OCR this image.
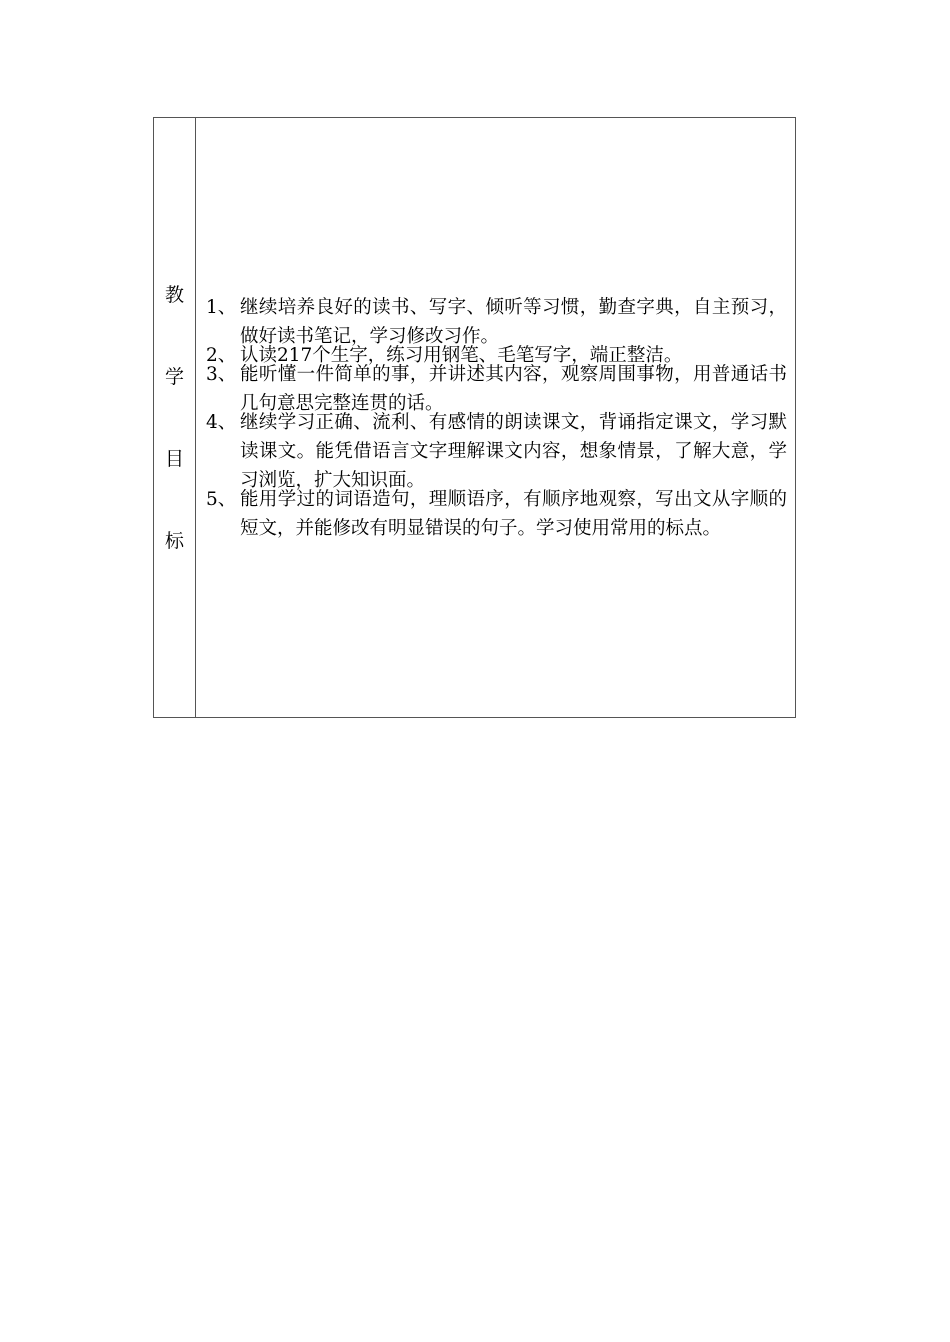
教
学
目
标
1、 继续培养良好的读书、写字、倾听等习惯，勤查字典，自主预习，做好读书笔记，学习修改习作。
2、 认读217个生字，练习用钢笔、毛笔写字，端正整洁。
3、 能听懂一件简单的事，并讲述其内容，观察周围事物，用普通话书几句意思完整连贯的话。
4、 继续学习正确、流利、有感情的朗读课文，背诵指定课文，学习默读课文。能凭借语言文字理解课文内容，想象情景，了解大意，学习浏览，扩大知识面。
5、 能用学过的词语造句，理顺语序，有顺序地观察，写出文从字顺的短文，并能修改有明显错误的句子。学习使用常用的标点。
